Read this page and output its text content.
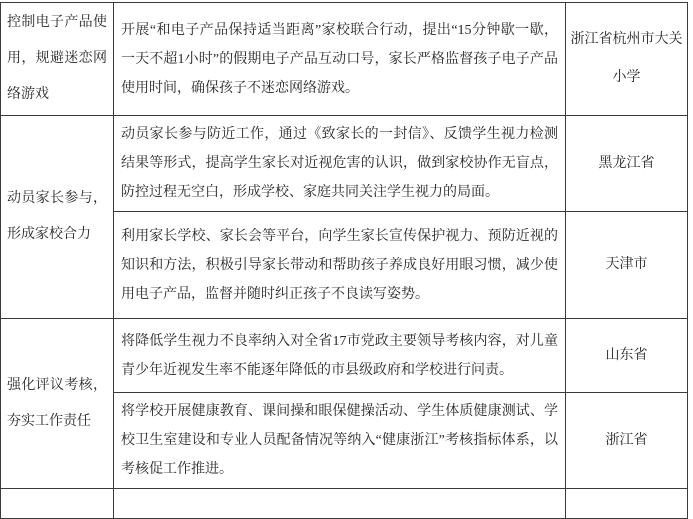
控制电子产品使用，规避迷恋网络游戏	开展“和电子产品保持适当距离”家校联合行动，提出“15分钟歇一歇，一天不超1小时”的假期电子产品互动口号，家长严格监督孩子电子产品使用时间，确保孩子不迷恋网络游戏。	浙江省杭州市大关小学
动员家长参与，形成家校合力	动员家长参与防近工作，通过《致家长的一封信》、反馈学生视力检测结果等形式，提高学生家长对近视危害的认识，做到家校协作无盲点，防控过程无空白，形成学校、家庭共同关注学生视力的局面。	黑龙江省
	利用家长学校、家长会等平台，向学生家长宣传保护视力、预防近视的知识和方法，积极引导家长带动和帮助孩子养成良好用眼习惯，减少使用电子产品，监督并随时纠正孩子不良读写姿势。	天津市
强化评议考核，夯实工作责任	将降低学生视力不良率纳入对全省17市党政主要领导考核内容，对儿童青少年近视发生率不能逐年降低的市县级政府和学校进行问责。	山东省
	将学校开展健康教育、课间操和眼保健操活动、学生体质健康测试、学校卫生室建设和专业人员配备情况等纳入“健康浙江”考核指标体系，以考核促工作推进。	浙江省
